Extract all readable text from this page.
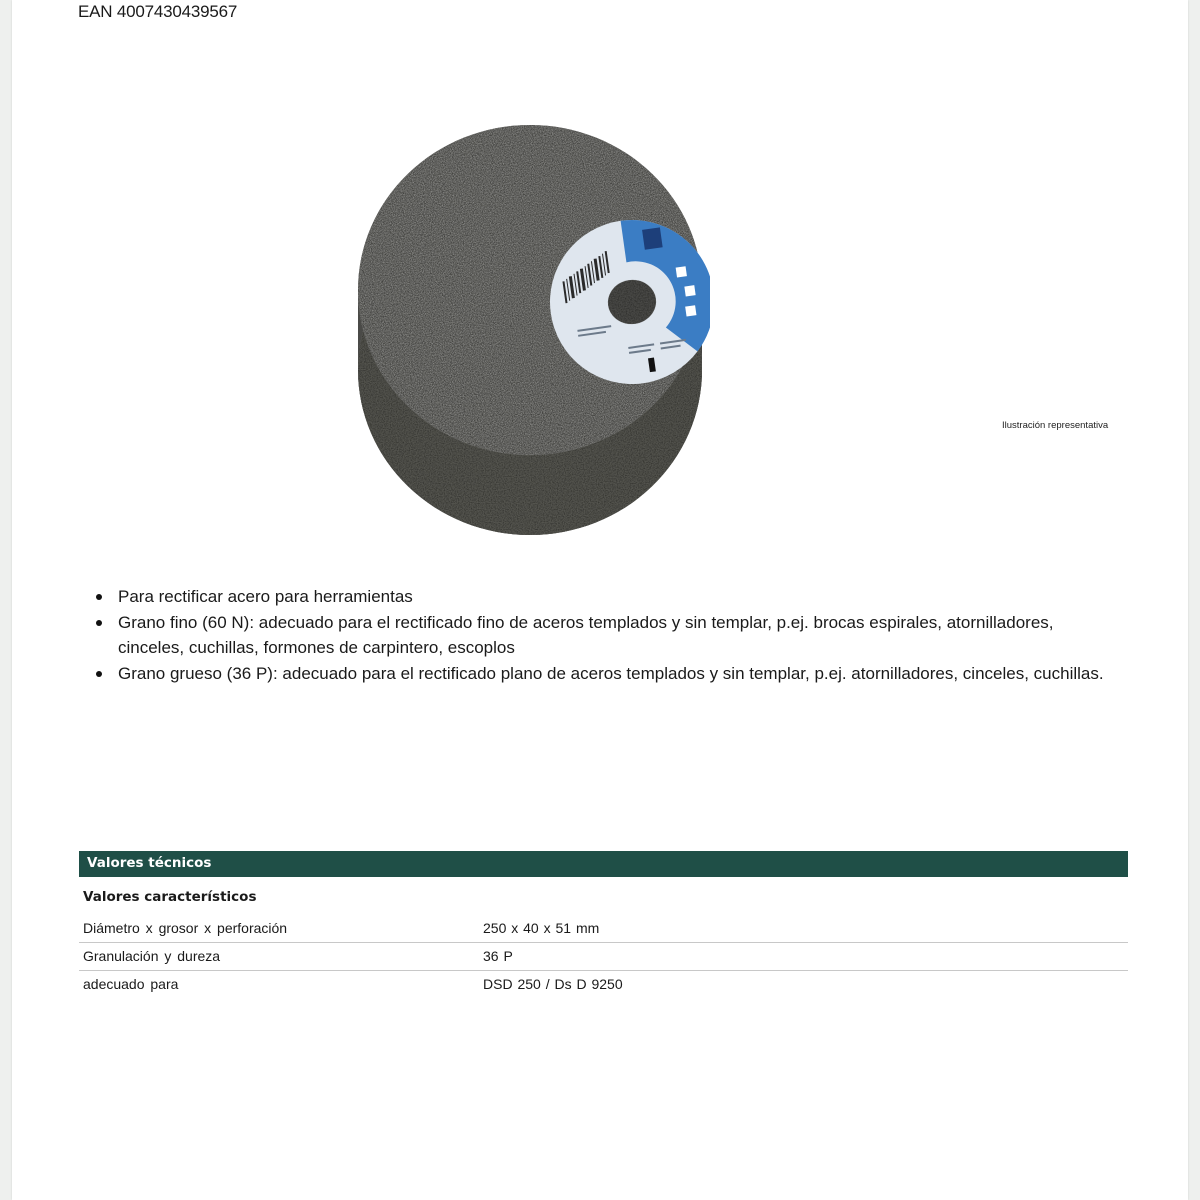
EAN 4007430439567
Ilustración representativa
Para rectificar acero para herramientas
Grano fino (60 N): adecuado para el rectificado fino de aceros templados y sin templar, p.ej. brocas espirales, atornilladores, cinceles, cuchillas, formones de carpintero, escoplos
Grano grueso (36 P): adecuado para el rectificado plano de aceros templados y sin templar, p.ej. atornilladores, cinceles, cuchillas.
Valores técnicos
Valores característicos
Diámetro x grosor x perforación	250 x 40 x 51 mm
Granulación y dureza	36 P
adecuado para	DSD 250 / Ds D 9250
